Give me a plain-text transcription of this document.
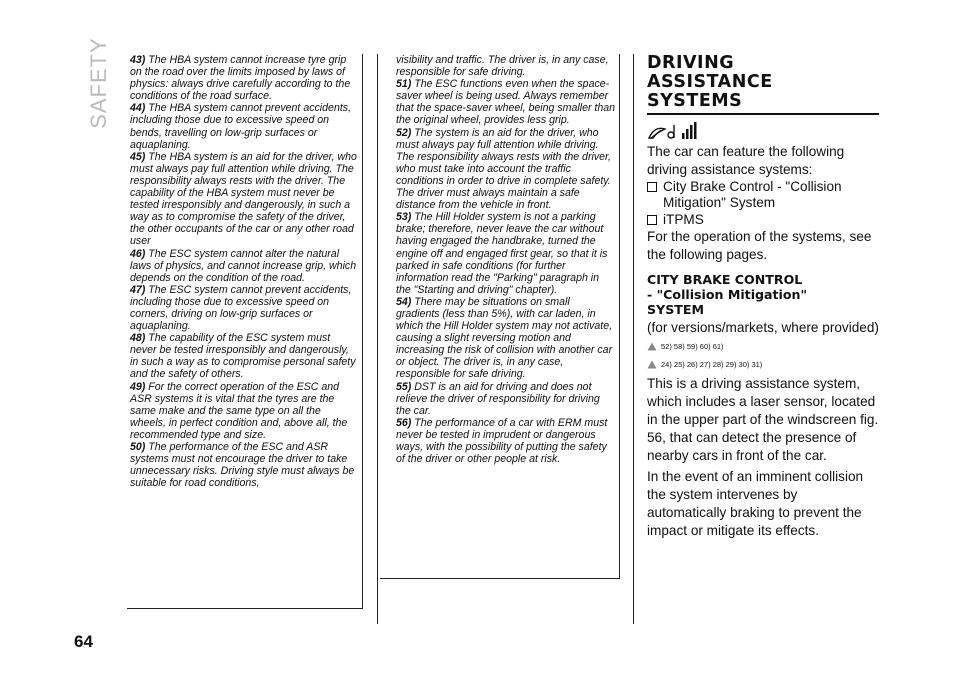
SAFETY
64

43) The HBA system cannot increase tyre grip on the road over the limits imposed by laws of physics: always drive carefully according to the conditions of the road surface.

44) The HBA system cannot prevent accidents, including those due to excessive speed on bends, travelling on low-grip surfaces or aquaplaning.

45) The HBA system is an aid for the driver, who must always pay full attention while driving. The responsibility always rests with the driver. The capability of the HBA system must never be tested irresponsibly and dangerously, in such a way as to compromise the safety of the driver, the other occupants of the car or any other road user

46) The ESC system cannot alter the natural laws of physics, and cannot increase grip, which depends on the condition of the road.

47) The ESC system cannot prevent accidents, including those due to excessive speed on corners, driving on low-grip surfaces or aquaplaning.

48) The capability of the ESC system must never be tested irresponsibly and dangerously, in such a way as to compromise personal safety and the safety of others.

49) For the correct operation of the ESC and ASR systems it is vital that the tyres are the same make and the same type on all the wheels, in perfect condition and, above all, the recommended type and size.

50) The performance of the ESC and ASR systems must not encourage the driver to take unnecessary risks. Driving style must always be suitable for road conditions,

visibility and traffic. The driver is, in any case, responsible for safe driving.

51) The ESC functions even when the space-saver wheel is being used. Always remember that the space-saver wheel, being smaller than the original wheel, provides less grip.

52) The system is an aid for the driver, who must always pay full attention while driving. The responsibility always rests with the driver, who must take into account the traffic conditions in order to drive in complete safety. The driver must always maintain a safe distance from the vehicle in front.

53) The Hill Holder system is not a parking brake; therefore, never leave the car without having engaged the handbrake, turned the engine off and engaged first gear, so that it is parked in safe conditions (for further information read the "Parking" paragraph in the "Starting and driving" chapter).

54) There may be situations on small gradients (less than 5%), with car laden, in which the Hill Holder system may not activate, causing a slight reversing motion and increasing the risk of collision with another car or object. The driver is, in any case, responsible for safe driving.

55) DST is an aid for driving and does not relieve the driver of responsibility for driving the car.

56) The performance of a car with ERM must never be tested in imprudent or dangerous ways, with the possibility of putting the safety of the driver or other people at risk.

DRIVING
ASSISTANCE
SYSTEMS

The car can feature the following driving assistance systems:

City Brake Control - "Collision Mitigation" System
iTPMS

For the operation of the systems, see the following pages.

CITY BRAKE CONTROL
- "Collision Mitigation"
SYSTEM

(for versions/markets, where provided)

52) 58) 59) 60) 61)
24) 25) 26) 27) 28) 29) 30) 31)

This is a driving assistance system, which includes a laser sensor, located in the upper part of the windscreen fig. 56, that can detect the presence of nearby cars in front of the car.

In the event of an imminent collision the system intervenes by automatically braking to prevent the impact or mitigate its effects.
